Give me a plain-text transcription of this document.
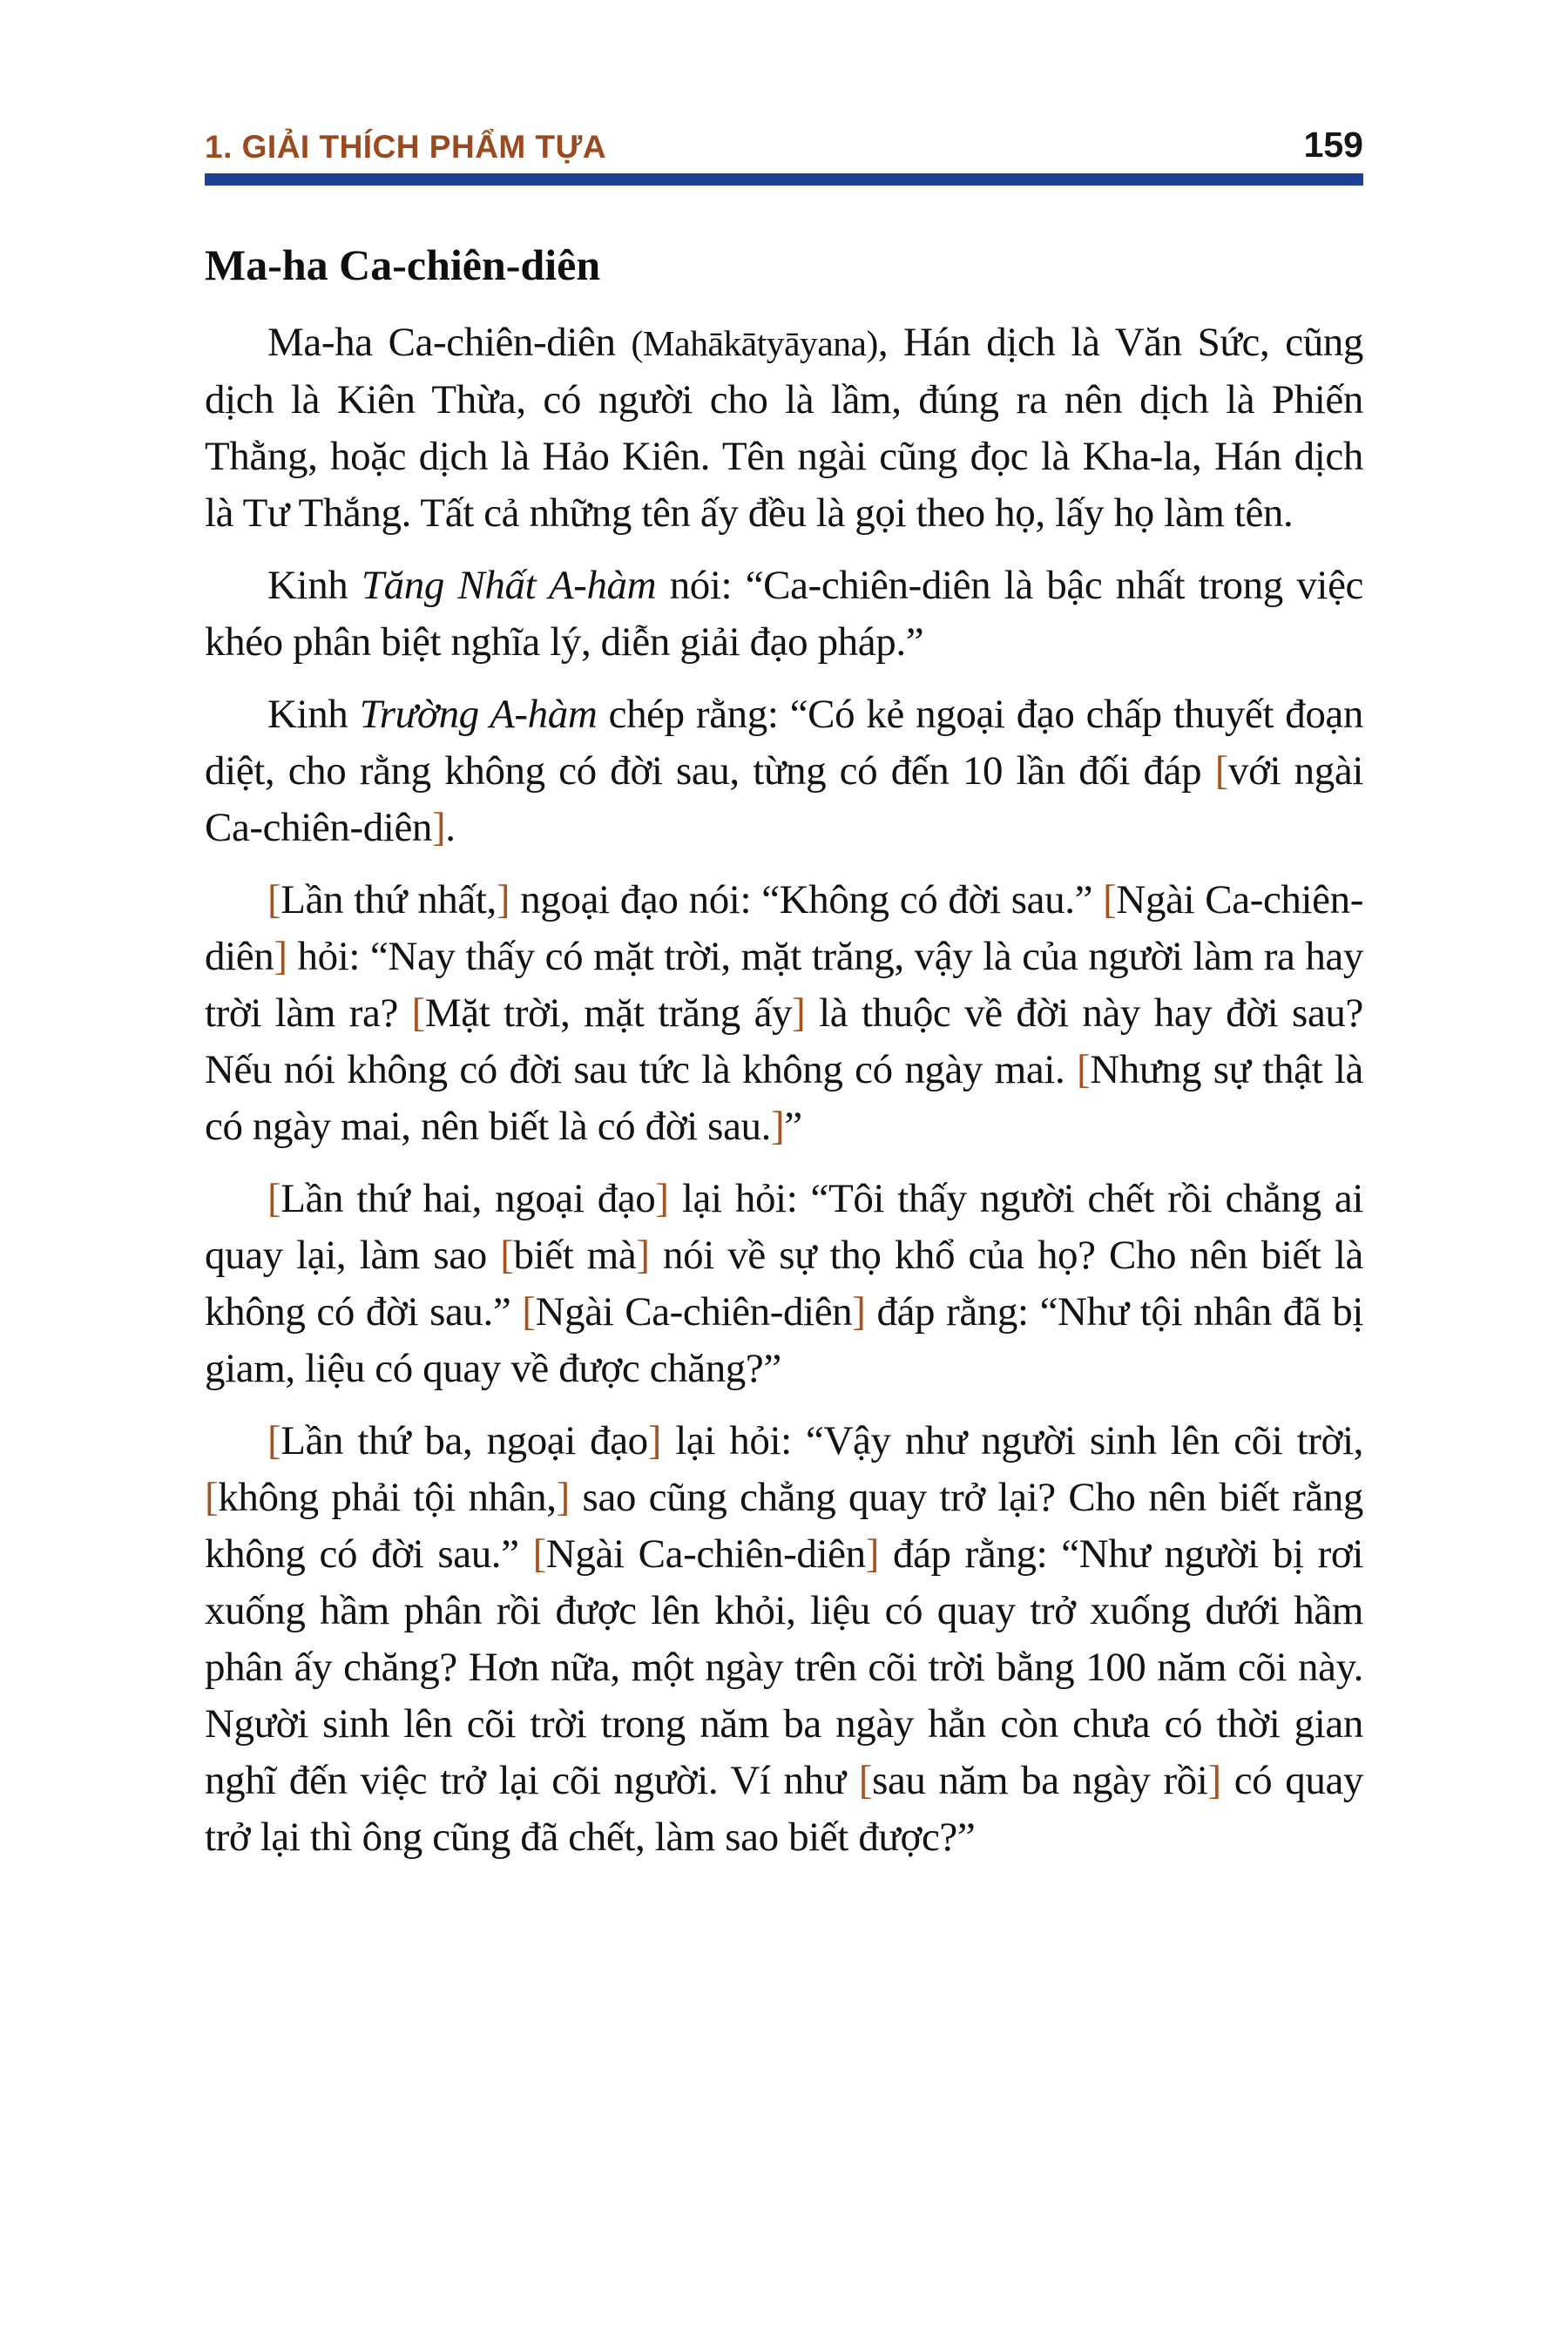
1. GIẢI THÍCH PHẨM TỰA	159
Ma-ha Ca-chiên-diên

Ma-ha Ca-chiên-diên (Mahākātyāyana), Hán dịch là Văn Sức, cũng dịch là Kiên Thừa, có người cho là lầm, đúng ra nên dịch là Phiến Thằng, hoặc dịch là Hảo Kiên. Tên ngài cũng đọc là Kha-la, Hán dịch là Tư Thắng. Tất cả những tên ấy đều là gọi theo họ, lấy họ làm tên.

Kinh Tăng Nhất A-hàm nói: “Ca-chiên-diên là bậc nhất trong việc khéo phân biệt nghĩa lý, diễn giải đạo pháp.”

Kinh Trường A-hàm chép rằng: “Có kẻ ngoại đạo chấp thuyết đoạn diệt, cho rằng không có đời sau, từng có đến 10 lần đối đáp [với ngài Ca-chiên-diên].

[Lần thứ nhất,] ngoại đạo nói: “Không có đời sau.” [Ngài Ca-chiên-diên] hỏi: “Nay thấy có mặt trời, mặt trăng, vậy là của người làm ra hay trời làm ra? [Mặt trời, mặt trăng ấy] là thuộc về đời này hay đời sau? Nếu nói không có đời sau tức là không có ngày mai. [Nhưng sự thật là có ngày mai, nên biết là có đời sau.]”

[Lần thứ hai, ngoại đạo] lại hỏi: “Tôi thấy người chết rồi chẳng ai quay lại, làm sao [biết mà] nói về sự thọ khổ của họ? Cho nên biết là không có đời sau.” [Ngài Ca-chiên-diên] đáp rằng: “Như tội nhân đã bị giam, liệu có quay về được chăng?”

[Lần thứ ba, ngoại đạo] lại hỏi: “Vậy như người sinh lên cõi trời, [không phải tội nhân,] sao cũng chẳng quay trở lại? Cho nên biết rằng không có đời sau.” [Ngài Ca-chiên-diên] đáp rằng: “Như người bị rơi xuống hầm phân rồi được lên khỏi, liệu có quay trở xuống dưới hầm phân ấy chăng? Hơn nữa, một ngày trên cõi trời bằng 100 năm cõi này. Người sinh lên cõi trời trong năm ba ngày hẳn còn chưa có thời gian nghĩ đến việc trở lại cõi người. Ví như [sau năm ba ngày rồi] có quay trở lại thì ông cũng đã chết, làm sao biết được?”
